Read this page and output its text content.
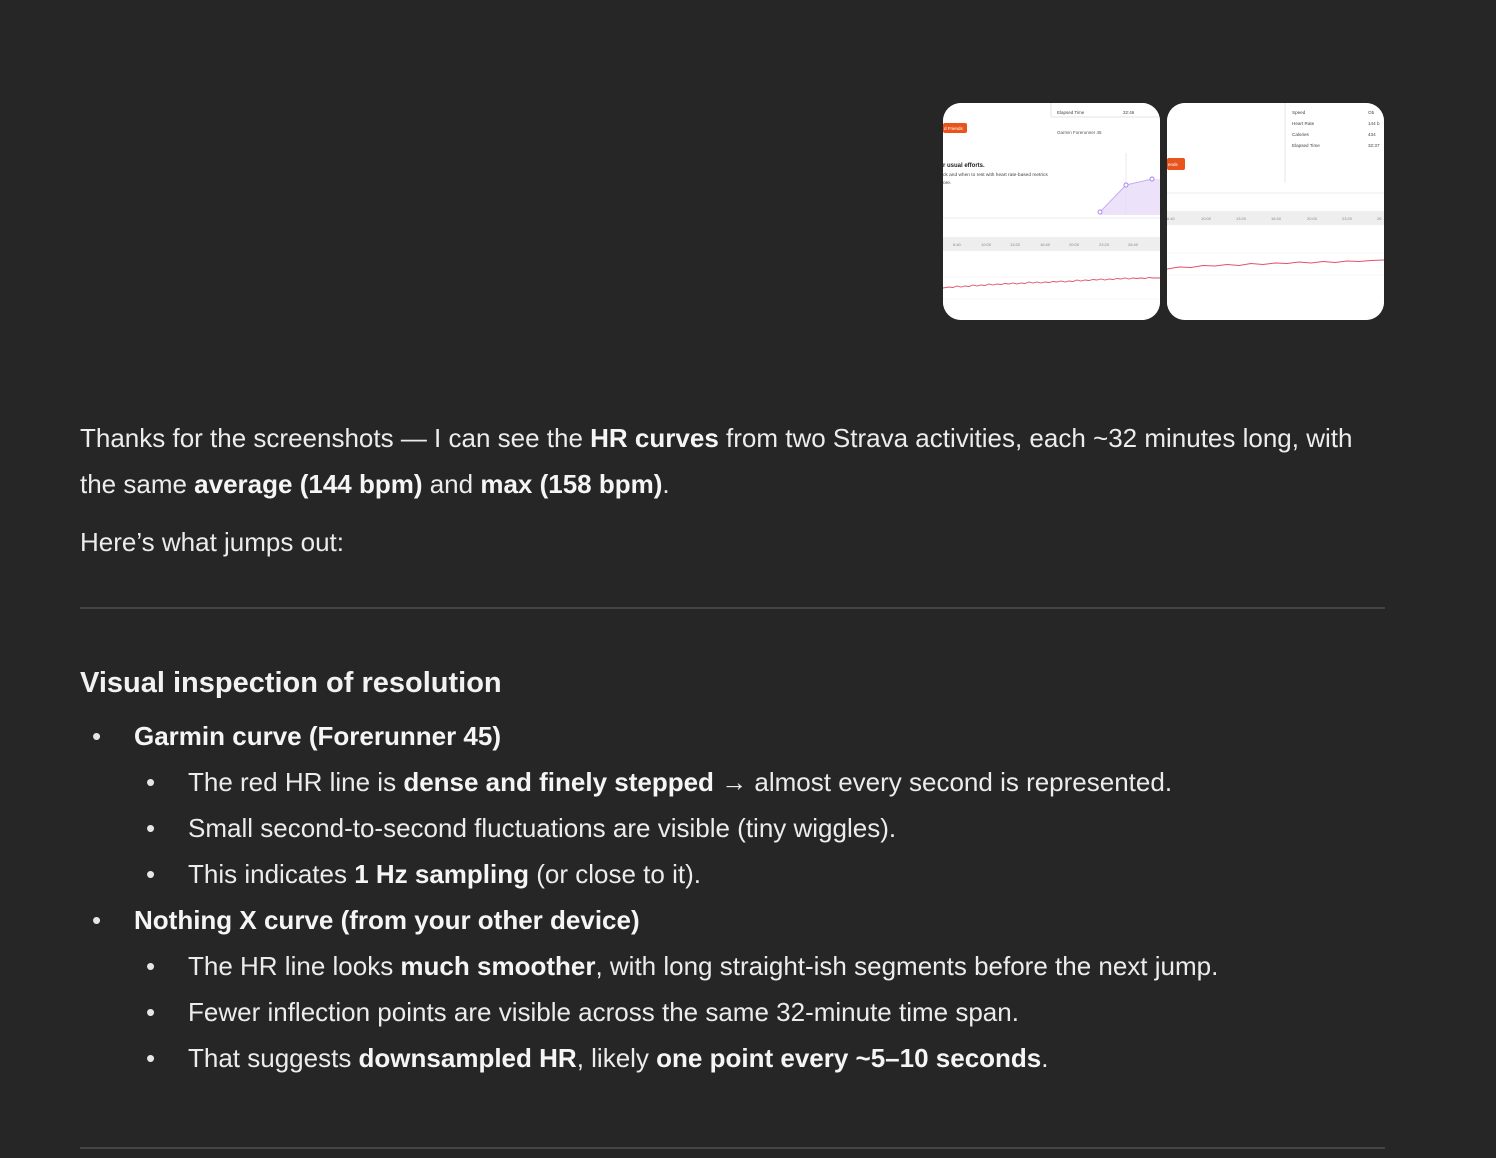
Elapsed Time	32:46
Garmin Forerunner 45
d Friends
r usual efforts.
ck and when to rest with heart rate-based metrics
ore.
6:40	10:00	13:20	16:40	20:00	23:20	26:40
Speed	Ob
Heart Rate	144 b
Calories	434
Elapsed Time	32:37
ends
6:40	10:00	13:20	16:40	20:00	23:20	26

Thanks for the screenshots — I can see the HR curves from two Strava activities, each ~32 minutes long, with the same average (144 bpm) and max (158 bpm).

Here’s what jumps out:

Visual inspection of resolution
• Garmin curve (Forerunner 45)
• The red HR line is dense and finely stepped → almost every second is represented.
• Small second-to-second fluctuations are visible (tiny wiggles).
• This indicates 1 Hz sampling (or close to it).
• Nothing X curve (from your other device)
• The HR line looks much smoother, with long straight-ish segments before the next jump.
• Fewer inflection points are visible across the same 32-minute time span.
• That suggests downsampled HR, likely one point every ~5–10 seconds.
